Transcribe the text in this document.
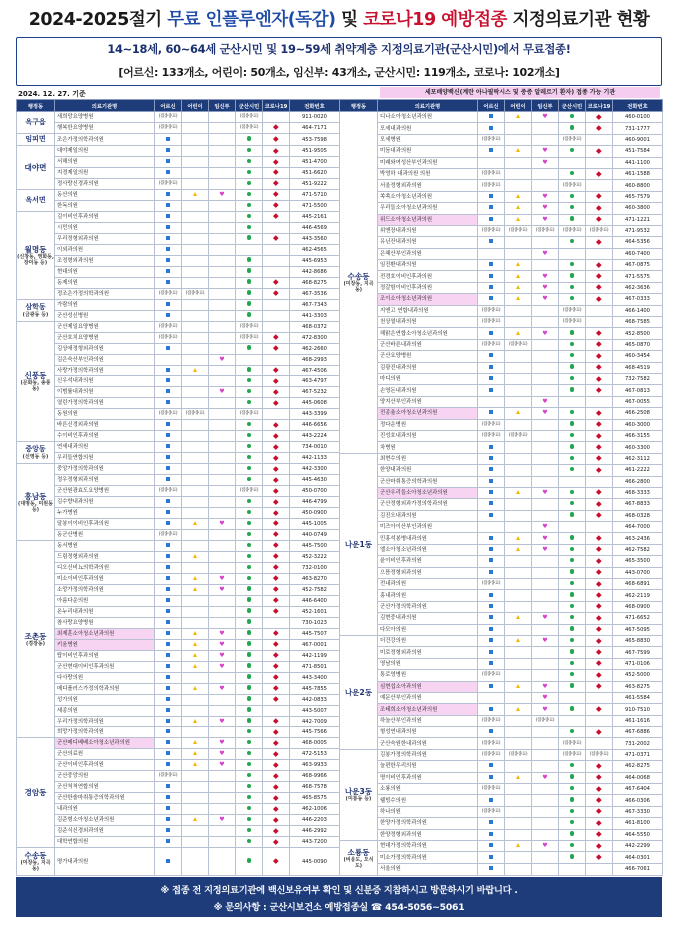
2024-2025절기 무료 인플루엔자(독감) 및 코로나19 예방접종 지정의료기관 현황
14~18세, 60~64세 군산시민 및 19~59세 취약계층 지정의료기관(군산시민)에서 무료접종!
[어르신: 133개소, 어린이: 50개소, 임신부: 43개소, 군산시민: 119개소, 코로나: 102개소]
2024. 12. 27. 기준	세포배양백신(계란 아나필락시스 및 중증 알레르기 환자) 접종 가능 기관
행정동	의료기관명	어르신	어린이	임신부	군산시민	코로나19	전화번호
옥구읍	새희망요양병원	(접종종료)			(접종종료)		911-0020
	행복한요양병원	(접종종료)			(접종종료)		464-7171
임피면	조은가정의학과의원						453-7598
대야면	대야제일의원						451-9505
	서해의원						451-4700
	지경제일의원						451-6620
	정사랑신경과의원	(접종종료)					451-9222
옥서면	동산의원			♥			471-5710
	한독의원						471-5500
월명동
(신창동, 영화동, 장미동 등)	김이비인후과의원						445-2161
	시민의원						446-4569
	우리정형외과의원						443-3560
	이외과의원						462-4565
	조정형외과의원						445-6953
	현대의원						442-8686
	동제의원						468-8275
	정조은가정의학과의원	(접종종료)	(접종종료)				467-3536
삼학동
(금광동 등)	가람의원						467-7343
	군산성신병원						441-3303
신풍동
(문화동, 송풍동)	군산제일요양병원	(접종종료)			(접종종료)		468-0372
	군산호치요양병원	(접종종료)			(접종종료)		472-8300
	김상애정형외과의원						462-2660
	김은숙산부인과의원			♥			468-2993
	사랑가정의학과의원						467-4506
	신우석내과의원						463-4797
	이범률내과의원			♥			467-5232
	열린가정의학과의원						445-0608
	동원의원	(접종종료)	(접종종료)		(접종종료)		443-3399
	바른신경외과의원						446-6656
	수이비인후과의원						443-2224
중앙동
(신영동 등)	연세내과의원						734-0010
	우리들연합의원						442-1133
흥남동
(대명동, 미원동 등)	중앙가정의학과의원						442-3300
	정우정형외과의원						445-4630
	군산원광효도요양병원	(접종종료)			(접종종료)		450-0700
	김수향내과의원						446-4799
	누가병원						450-0900
	달봉이이비인후과의원			♥			445-1005
	동군산병원	(접종종료)					440-0749
조촌동
(경장동)	동서병원						445-7500
	드림정형외과의원						452-3222
	디오신비뇨의학과의원						732-0100
	미소이비인후과의원			♥			463-8270
	소망가정의학과의원			♥			452-7582
	아름다운의원						446-6400
	온누리내과의원						452-1601
	참사랑요양병원						730-1023
	최제훈소아청소년과의원			♥			445-7507
	키움병원			♥			467-0001
	탑이비인후과의원			♥			442-1199
	군산현대이비인후과의원			♥			471-8501
	다사랑의원						443-3400
	메디플러스가정의학과의원			♥			445-7855
	성가의원						442-0833
	세종의원						443-5007
	우리가정의학과의원			♥			442-7009
	희망가정의학과의원						445-7566
경암동	군산메디베베소아청소년과의원			♥			468-0005
	군산의료원			♥			472-5153
	군산이비인후과의원			♥			463-9933
	군산중앙의원	(접종종료)					468-9966
	군산척척연합의원						468-7578
	군산한솔마취통증의학과의원						465-8575
	내과의원						462-1006
	김준형소아청소년과의원			♥			446-2203
	김준식신경외과의원						446-2992
	대학연합의원						443-7200
수송동
(미장동, 지곡동)	명가내과의원						445-0090
행정동	의료기관명	어르신	어린이	임신부	군산시민	코로나19	전화번호
수송동
(미장동, 지곡동)	디나소아청소년과의원			♥			460-0100
	모세내과의원						731-1777
	모세병원	(접종종료)			(접종종료)		460-9001
	미듬내과의원			♥			451-7584
	미래와여성산부인과의원			♥			441-1100
	박영하 내과의원 의원	(접종종료)					461-1588
	서울정형외과의원	(접종종료)			(접종종료)		460-8800
	쏙쏙소아청소년과의원			♥			465-7579
	우리들소아청소년과의원			♥			460-3800
	위드소아청소년과의원			♥			471-1221
	위앤장내과의원	(접종종료)	(접종종료)	(접종종료)	(접종종료)	(접종종료)	471-9532
	유닌잔내과의원						464-5356
	은혜산부인과의원			♥			460-7400
	임진환내과의원						467-0875
	전경호이비인후과의원			♥			471-5575
	정갈함이비인후과의원			♥			462-3636
	조이소아청소년과의원			♥			467-0333
	지앤고 연합내과의원	(접종종료)			(접종종료)		466-1400
	천상열내과의원	(접종종료)			(접종종료)		468-7585
	해맑은연합소아청소년과의원			♥			452-8500
	군산바른내과의원	(접종종료)	(접종종료)				465-0870
	군산요양병원						460-3454
	김광진내과의원						468-4519
	마디의원						732-7582
	손영돈내과의원						467-0813
	양지산부인과의원			♥			467-0055
	전종율소아청소년과의원			♥			466-2508
	정다운병원	(접종종료)					460-3000
	진성호내과의원	(접종종료)	(접종종료)				466-3155
	차병원						460-3300
나운1동	최현수의원						462-3112
	한양내과의원						461-2222
	군산마취통증의학과의원						466-2800
	군산우리들소아청소년과의원			♥			468-3333
	군산정형외과가정의학과의원						467-8833
	김진오내과의원						468-0328
	미즈아이산부인과의원			♥			464-7000
	민홍석봉병내과의원			♥			463-2436
	엘소아청소년과의원			♥			462-7582
	윤이비인후과의원						465-3500
	으뜸정형외과의원						443-0700
	전내과의원	(접종종료)					468-6891
	홍내과의원						462-2119
	군산가정의학과의원						468-0900
	김현중내과의원			♥			471-6652
	다모아의원						467-5095
나운2동	더건강의원			♥			465-8830
	미로정형외과의원						467-7599
	영남의원						471-0106
	통로영병원	(접종종료)					452-5000
	심현섭소아과의원			♥			463-8275
	예문산부인과의원			♥			461-5584
	조태희소아청소년과의원			♥			910-7510
	하늘산부인과의원	(접종종료)		(접종종료)			461-1616
	형성연내과의원						467-6886
	군산숙원한내과의원	(접종종료)			(접종종료)		731-2002
나운3동
(미룡동 등)	김봉가정의학과의원	(접종종료)	(접종종료)		(접종종료)	(접종종료)	471-0371
	늘편한우리의원						462-8275
	명이비인후과의원			♥			464-0068
	소룡의원	(접종종료)					467-6404
	웰빙수의원						466-0306
	하나의원	(접종종료)					467-3330
	한양가정의학과의원						461-8100
	한양정형외과의원						464-5550
소룡동
(비응도, 오식도)	현대가정의학과의원			♥			442-2299
	미소가정의학과의원						464-0301
	서울의원						466-7061
※ 접종 전 지정의료기관에 백신보유여부 확인 및 신분증 지참하시고 방문하시기 바랍니다 .
※ 문의사항 : 군산시보건소 예방접종실 ☎ 454-5056~5061
